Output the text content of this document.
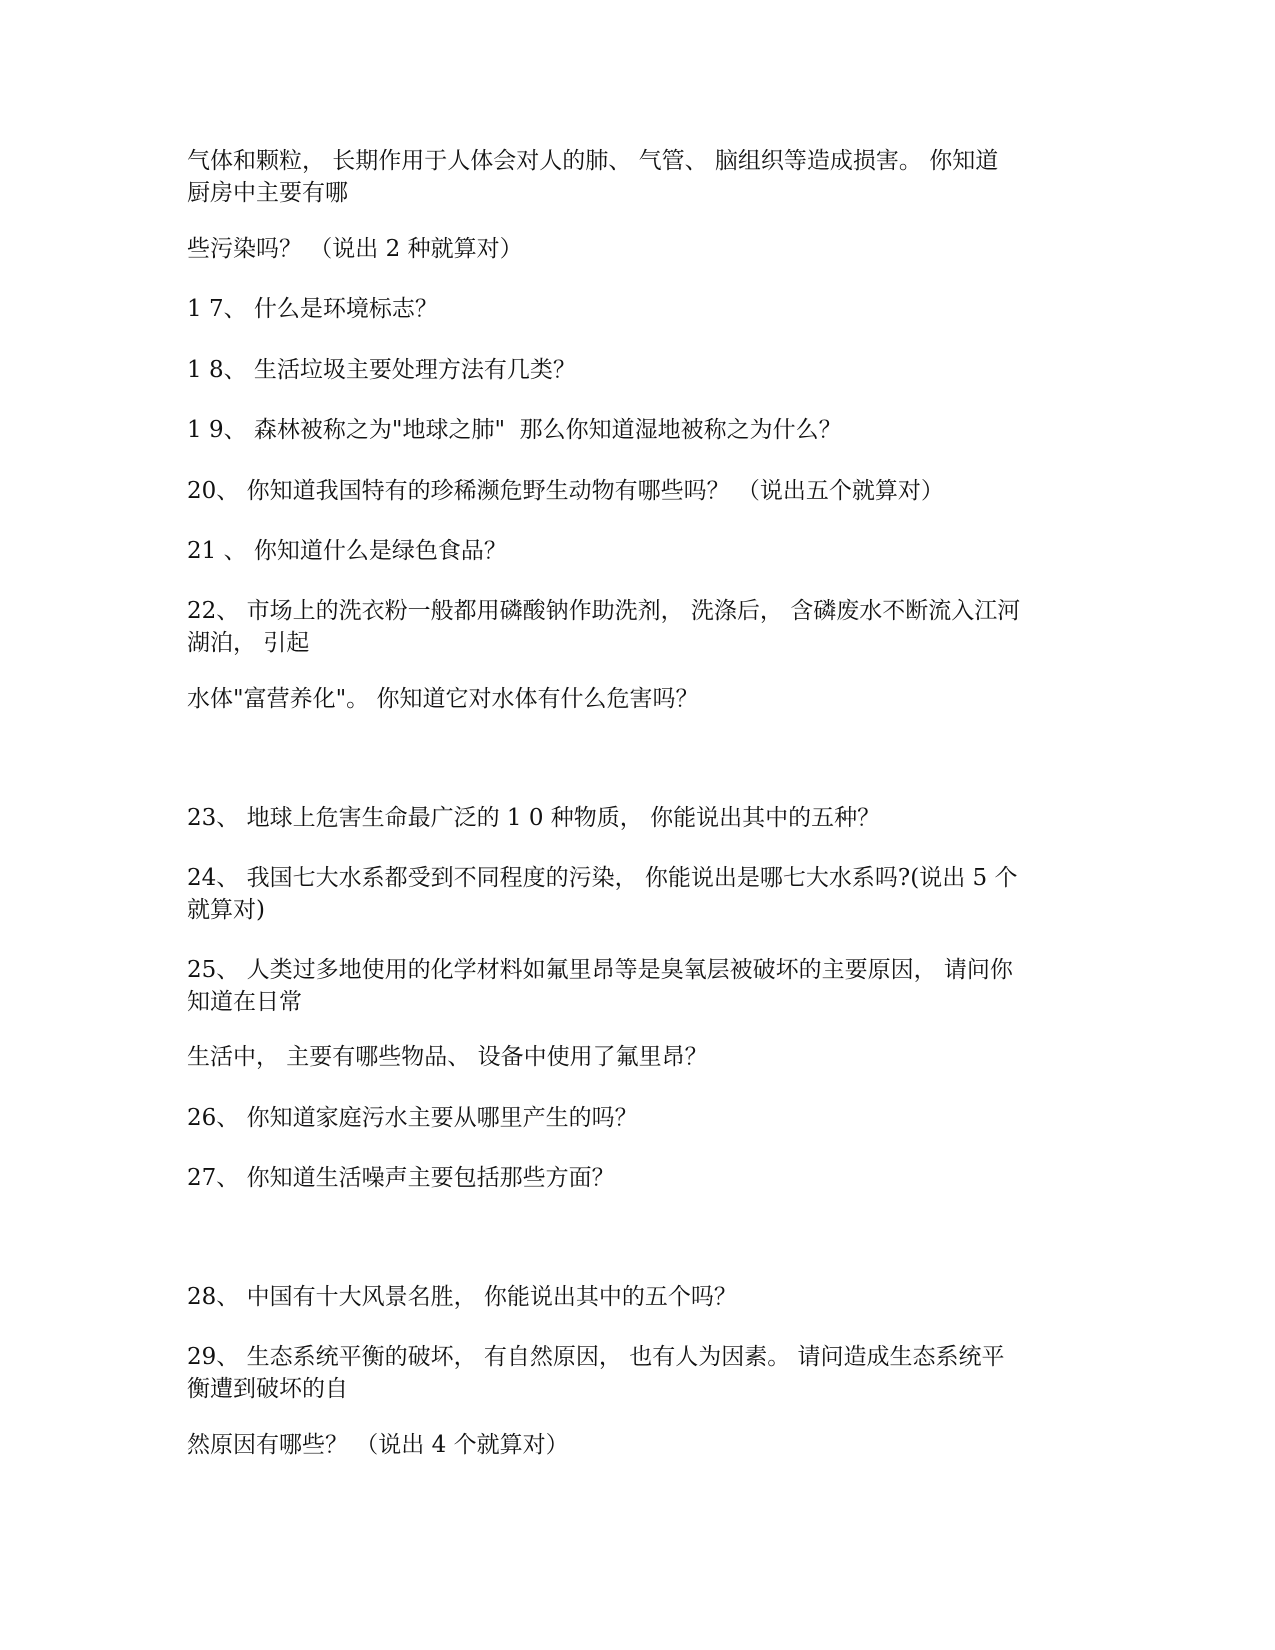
气体和颗粒， 长期作用于人体会对人的肺、 气管、 脑组织等造成损害。 你知道
厨房中主要有哪
些污染吗？ （说出 2 种就算对）
1 7、 什么是环境标志？
1 8、 生活垃圾主要处理方法有几类？
1 9、 森林被称之为"地球之肺"  那么你知道湿地被称之为什么？
20、 你知道我国特有的珍稀濒危野生动物有哪些吗？ （说出五个就算对）
21 、 你知道什么是绿色食品？
22、 市场上的洗衣粉一般都用磷酸钠作助洗剂， 洗涤后， 含磷废水不断流入江河
湖泊， 引起
水体"富营养化"。 你知道它对水体有什么危害吗？
23、 地球上危害生命最广泛的 1 0 种物质， 你能说出其中的五种？
24、 我国七大水系都受到不同程度的污染， 你能说出是哪七大水系吗?(说出 5 个
就算对)
25、 人类过多地使用的化学材料如氟里昂等是臭氧层被破坏的主要原因， 请问你
知道在日常
生活中， 主要有哪些物品、 设备中使用了氟里昂？
26、 你知道家庭污水主要从哪里产生的吗？
27、 你知道生活噪声主要包括那些方面？
28、 中国有十大风景名胜， 你能说出其中的五个吗？
29、 生态系统平衡的破坏， 有自然原因， 也有人为因素。 请问造成生态系统平
衡遭到破坏的自
然原因有哪些？ （说出 4 个就算对）
